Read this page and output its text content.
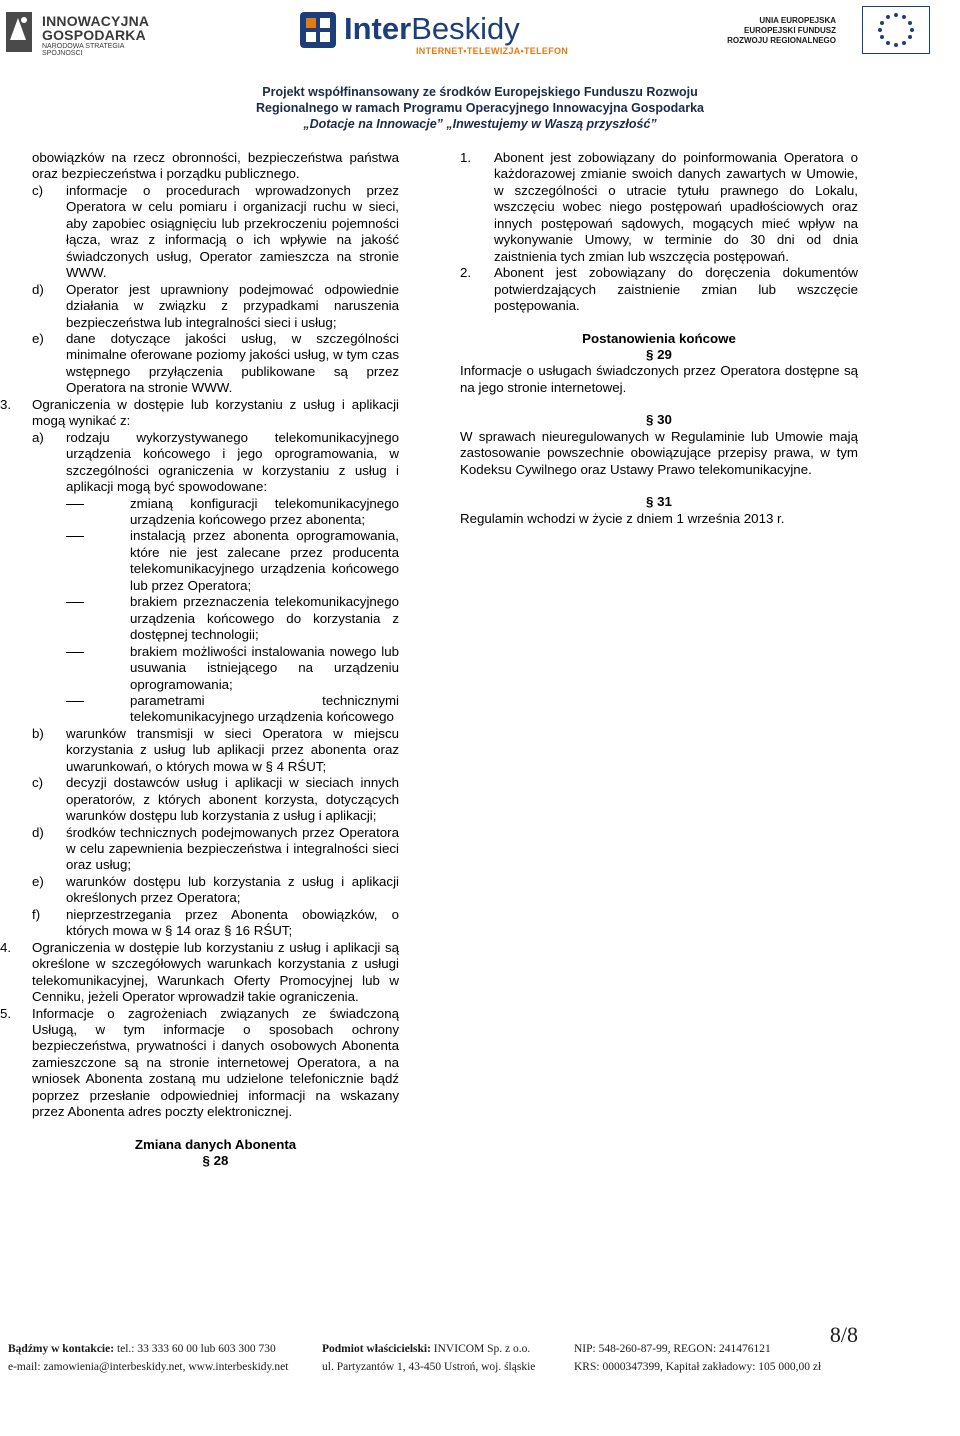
INNOWACYJNA
GOSPODARKA
NARODOWA STRATEGIA SPÓJNOŚCI
InterBeskidy
INTERNET•TELEWIZJA•TELEFON
UNIA EUROPEJSKA
EUROPEJSKI FUNDUSZ
ROZWOJU REGIONALNEGO
Projekt współfinansowany ze środków Europejskiego Funduszu Rozwoju
Regionalnego w ramach Programu Operacyjnego Innowacyjna Gospodarka
„Dotacje na Innowacje” „Inwestujemy w Waszą przyszłość”

obowiązków na rzecz obronności, bezpieczeństwa państwa oraz bezpieczeństwa i porządku publicznego.

c) informacje o procedurach wprowadzonych przez Operatora w celu pomiaru i organizacji ruchu w sieci, aby zapobiec osiągnięciu lub przekroczeniu pojemności łącza, wraz z informacją o ich wpływie na jakość świadczonych usług, Operator zamieszcza na stronie WWW.
d) Operator jest uprawniony podejmować odpowiednie działania w związku z przypadkami naruszenia bezpieczeństwa lub integralności sieci i usług;
e) dane dotyczące jakości usług, w szczególności minimalne oferowane poziomy jakości usług, w tym czas wstępnego przyłączenia publikowane są przez Operatora na stronie WWW.
3. Ograniczenia w dostępie lub korzystaniu z usług i aplikacji mogą wynikać z:
a) rodzaju wykorzystywanego telekomunikacyjnego urządzenia końcowego i jego oprogramowania, w szczególności ograniczenia w korzystaniu z usług i aplikacji mogą być spowodowane:
zmianą konfiguracji telekomunikacyjnego urządzenia końcowego przez abonenta;
instalacją przez abonenta oprogramowania, które nie jest zalecane przez producenta telekomunikacyjnego urządzenia końcowego lub przez Operatora;
brakiem przeznaczenia telekomunikacyjnego urządzenia końcowego do korzystania z dostępnej technologii;
brakiem możliwości instalowania nowego lub usuwania istniejącego na urządzeniu oprogramowania;
parametrami technicznymi telekomunikacyjnego urządzenia końcowego
b) warunków transmisji w sieci Operatora w miejscu korzystania z usług lub aplikacji przez abonenta oraz uwarunkowań, o których mowa w § 4 RŚUT;
c) decyzji dostawców usług i aplikacji w sieciach innych operatorów, z których abonent korzysta, dotyczących warunków dostępu lub korzystania z usług i aplikacji;
d) środków technicznych podejmowanych przez Operatora w celu zapewnienia bezpieczeństwa i integralności sieci oraz usług;
e) warunków dostępu lub korzystania z usług i aplikacji określonych przez Operatora;
f) nieprzestrzegania przez Abonenta obowiązków, o których mowa w § 14 oraz § 16 RŚUT;
4. Ograniczenia w dostępie lub korzystaniu z usług i aplikacji są określone w szczegółowych warunkach korzystania z usługi telekomunikacyjnej, Warunkach Oferty Promocyjnej lub w Cenniku, jeżeli Operator wprowadził takie ograniczenia.
5. Informacje o zagrożeniach związanych ze świadczoną Usługą, w tym informacje o sposobach ochrony bezpieczeństwa, prywatności i danych osobowych Abonenta zamieszczone są na stronie internetowej Operatora, a na wniosek Abonenta zostaną mu udzielone telefonicznie bądź poprzez przesłanie odpowiedniej informacji na wskazany przez Abonenta adres poczty elektronicznej.
Zmiana danych Abonenta
§ 28
1. Abonent jest zobowiązany do poinformowania Operatora o każdorazowej zmianie swoich danych zawartych w Umowie, w szczególności o utracie tytułu prawnego do Lokalu, wszczęciu wobec niego postępowań upadłościowych oraz innych postępowań sądowych, mogących mieć wpływ na wykonywanie Umowy, w terminie do 30 dni od dnia zaistnienia tych zmian lub wszczęcia postępowań.
2. Abonent jest zobowiązany do doręczenia dokumentów potwierdzających zaistnienie zmian lub wszczęcie postępowania.
Postanowienia końcowe
§ 29

Informacje o usługach świadczonych przez Operatora dostępne są na jego stronie internetowej.

§ 30

W sprawach nieuregulowanych w Regulaminie lub Umowie mają zastosowanie powszechnie obowiązujące przepisy prawa, w tym Kodeksu Cywilnego oraz Ustawy Prawo telekomunikacyjne.

§ 31

Regulamin wchodzi w życie z dniem 1 września 2013 r.

Bądźmy w kontakcie: tel.: 33 333 60 00 lub 603 300 730
e-mail: zamowienia@interbeskidy.net, www.interbeskidy.net
Podmiot właścicielski: INVICOM Sp. z o.o.
ul. Partyzantów 1, 43-450 Ustroń, woj. śląskie
NIP: 548-260-87-99, REGON: 241476121
KRS: 0000347399, Kapitał zakładowy: 105 000,00 zł
8/8
